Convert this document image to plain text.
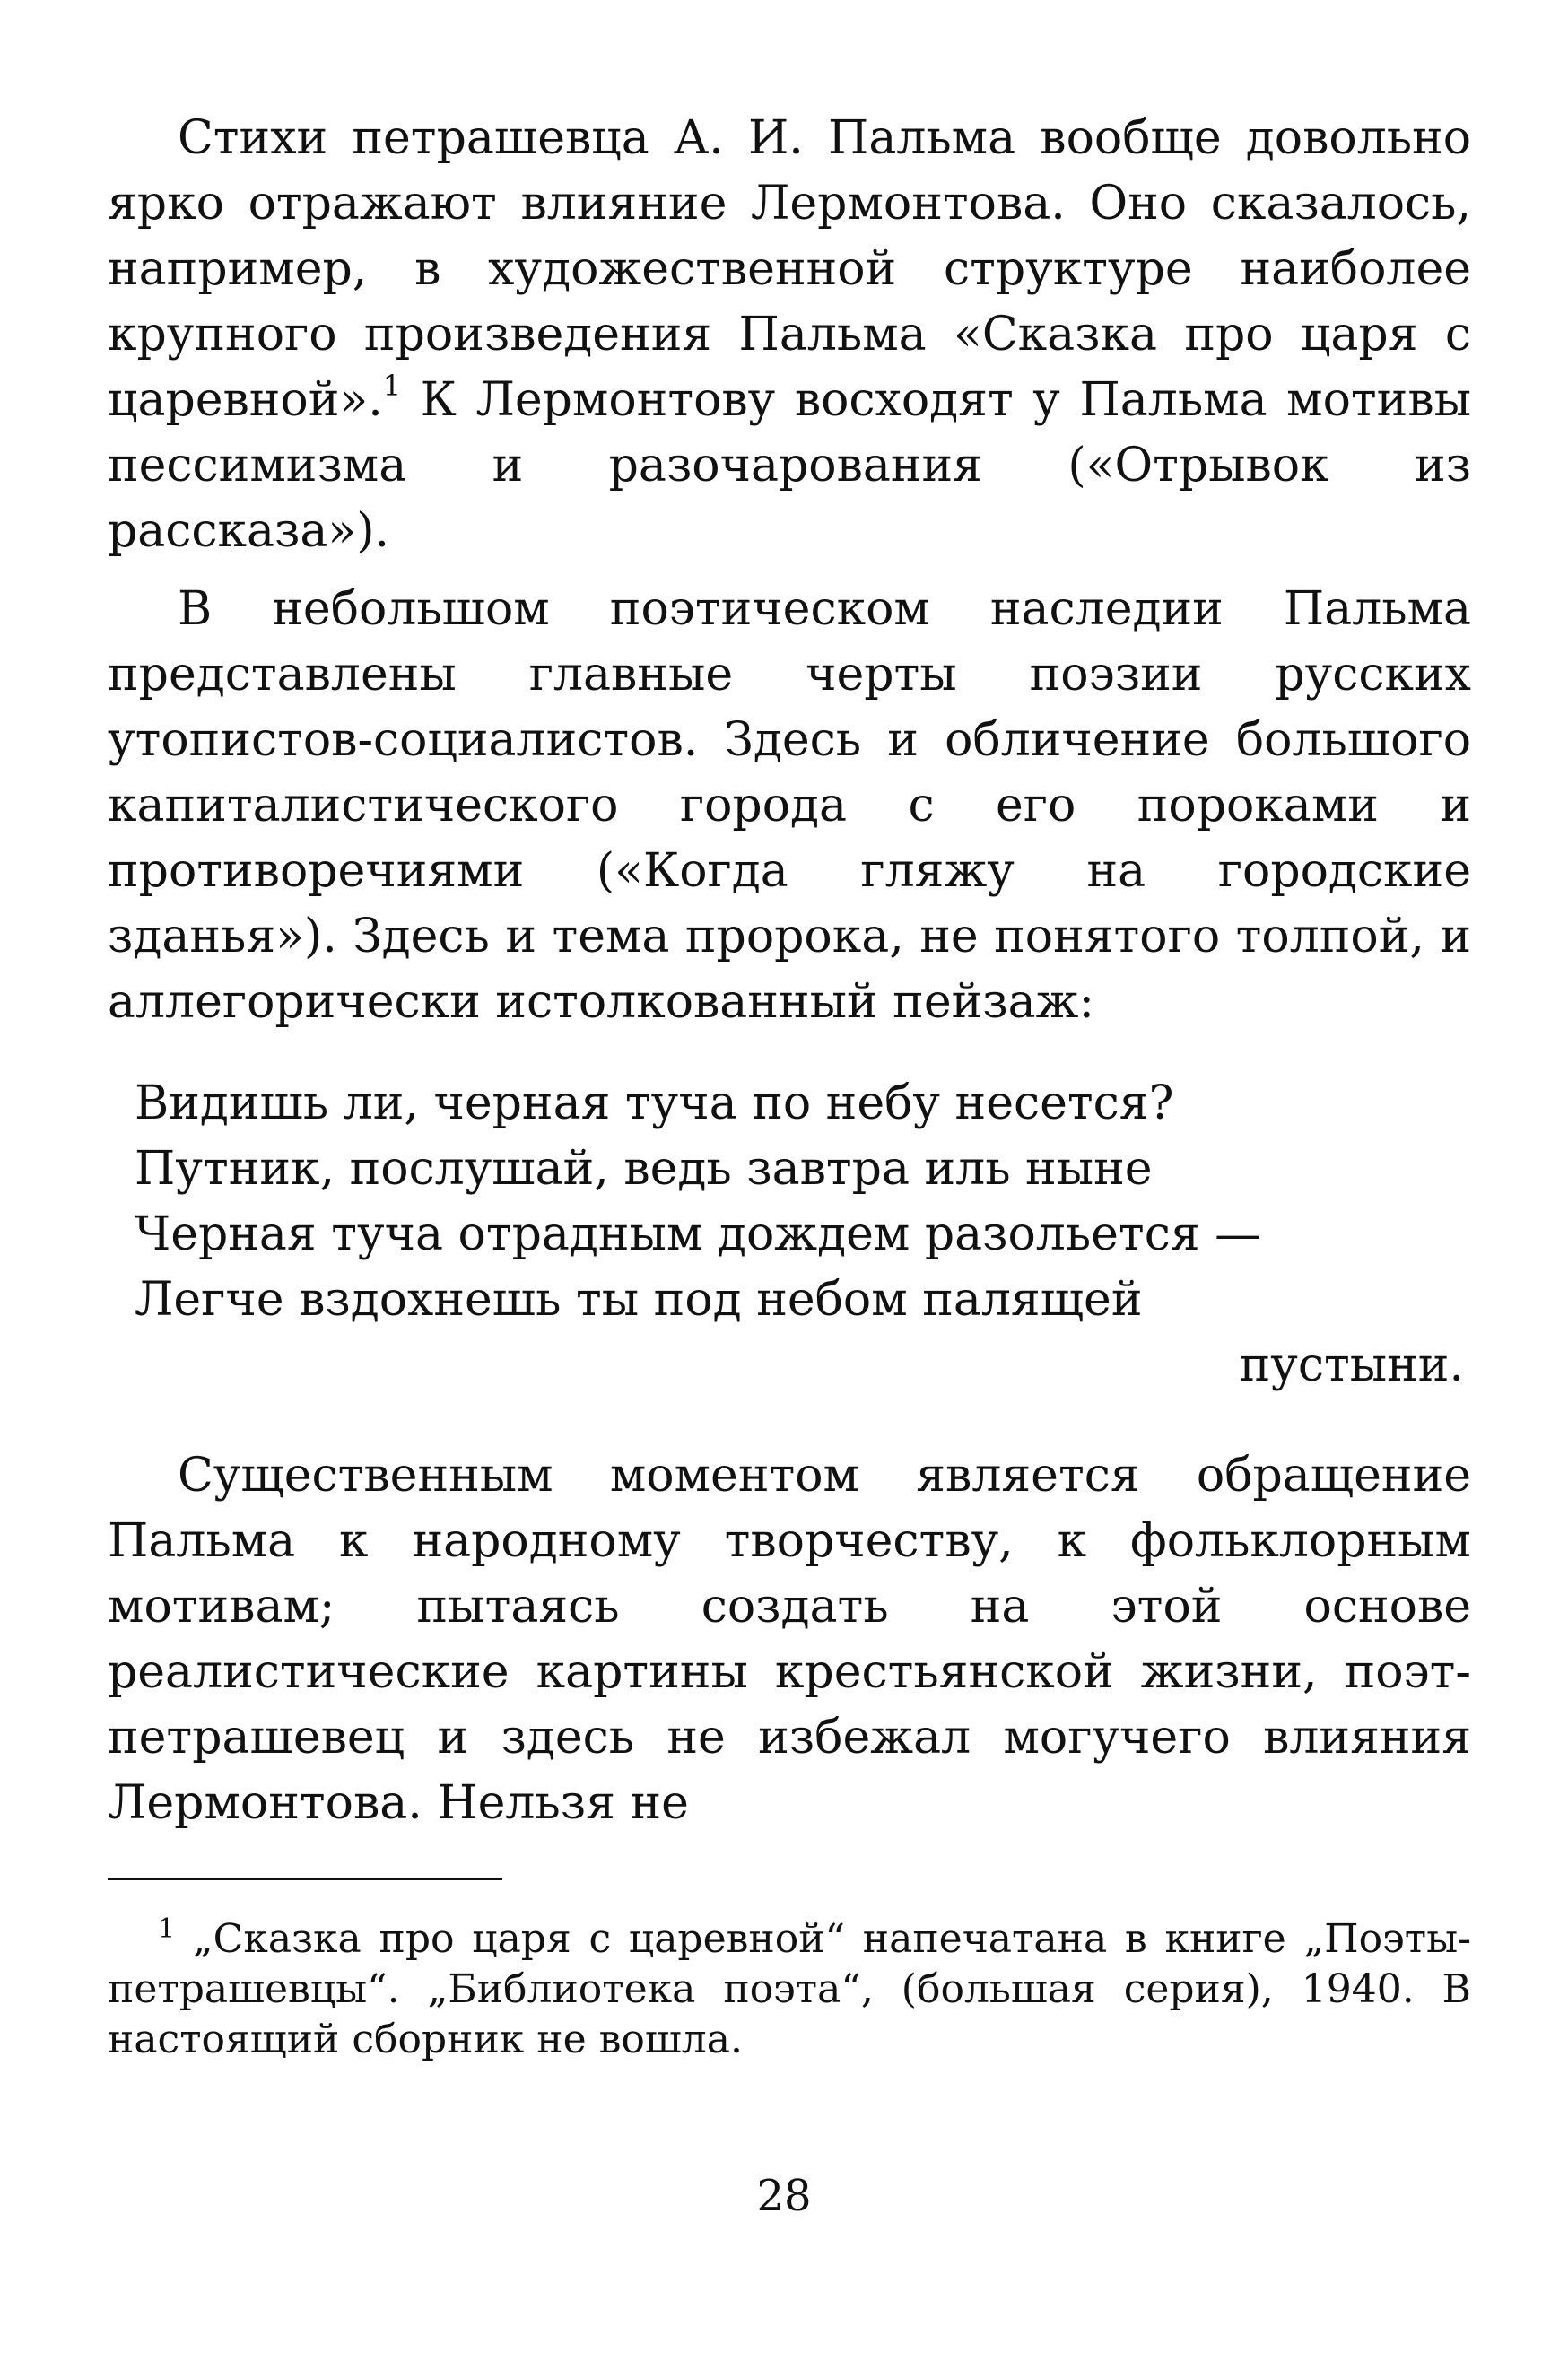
Стихи петрашевца А. И. Пальма вообще довольно ярко отражают влияние Лермонтова. Оно сказалось, например, в художественной структуре наиболее крупного произведения Пальма «Сказка про царя с царевной».$^1$ К Лермонтову восходят у Пальма мотивы пессимизма и разочарования («Отрывок из рассказа»).

В небольшом поэтическом наследии Пальма представлены главные черты поэзии русских утопистов-социалистов. Здесь и обличение большого капиталистического города с его пороками и противоречиями («Когда гляжу на городские зданья»). Здесь и тема пророка, не понятого толпой, и аллегорически истолкованный пейзаж:

Видишь ли, черная туча по небу несется?
Путник, послушай, ведь завтра иль ныне
Черная туча отрадным дождем разольется —
Легче вздохнешь ты под небом палящей
пустыни.

Существенным моментом является обращение Пальма к народному творчеству, к фольклорным мотивам; пытаясь создать на этой основе реалистические картины крестьянской жизни, поэт-петрашевец и здесь не избежал могучего влияния Лермонтова. Нельзя не

$^1$ „Сказка про царя с царевной“ напечатана в книге „Поэты-петрашевцы“. „Библиотека поэта“, (большая серия), 1940. В настоящий сборник не вошла.

28
